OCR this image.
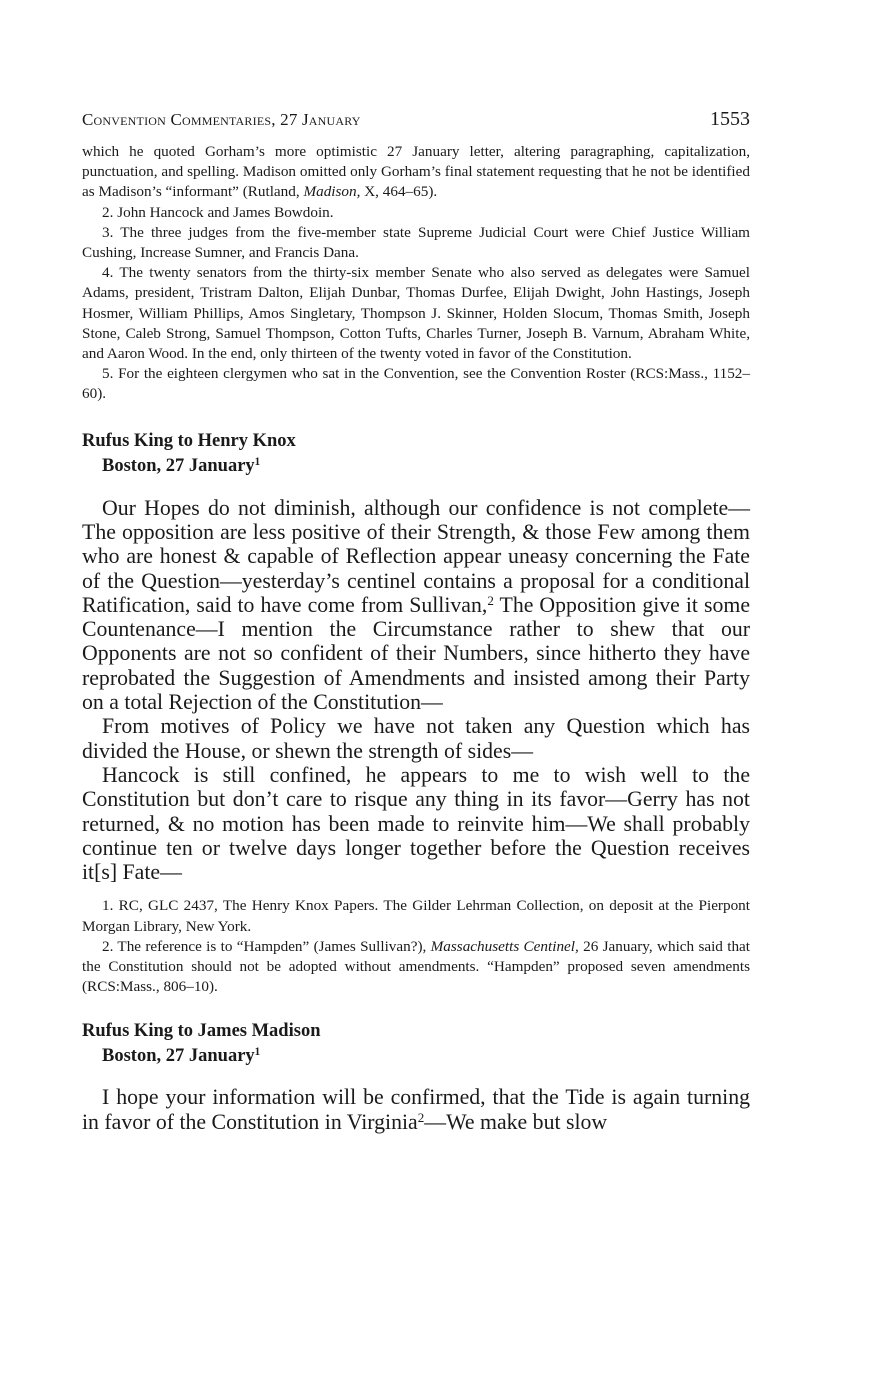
Convention Commentaries, 27 January	1553

which he quoted Gorham’s more optimistic 27 January letter, altering paragraphing, capitalization, punctuation, and spelling. Madison omitted only Gorham’s final statement requesting that he not be identified as Madison’s “informant” (Rutland, Madison, X, 464–65).

2. John Hancock and James Bowdoin.

3. The three judges from the five-member state Supreme Judicial Court were Chief Justice William Cushing, Increase Sumner, and Francis Dana.

4. The twenty senators from the thirty-six member Senate who also served as delegates were Samuel Adams, president, Tristram Dalton, Elijah Dunbar, Thomas Durfee, Elijah Dwight, John Hastings, Joseph Hosmer, William Phillips, Amos Singletary, Thompson J. Skinner, Holden Slocum, Thomas Smith, Joseph Stone, Caleb Strong, Samuel Thompson, Cotton Tufts, Charles Turner, Joseph B. Varnum, Abraham White, and Aaron Wood. In the end, only thirteen of the twenty voted in favor of the Constitution.

5. For the eighteen clergymen who sat in the Convention, see the Convention Roster (RCS:Mass., 1152–60).

Rufus King to Henry Knox
Boston, 27 January$^1$

Our Hopes do not diminish, although our confidence is not complete—The opposition are less positive of their Strength, & those Few among them who are honest & capable of Reflection appear uneasy concerning the Fate of the Question—yesterday’s centinel contains a proposal for a conditional Ratification, said to have come from Sullivan,$^2$ The Opposition give it some Countenance—I mention the Circumstance rather to shew that our Opponents are not so confident of their Numbers, since hitherto they have reprobated the Suggestion of Amendments and insisted among their Party on a total Rejection of the Constitution—

From motives of Policy we have not taken any Question which has divided the House, or shewn the strength of sides—

Hancock is still confined, he appears to me to wish well to the Constitution but don’t care to risque any thing in its favor—Gerry has not returned, & no motion has been made to reinvite him—We shall probably continue ten or twelve days longer together before the Question receives it[s] Fate—

1. RC, GLC 2437, The Henry Knox Papers. The Gilder Lehrman Collection, on deposit at the Pierpont Morgan Library, New York.

2. The reference is to “Hampden” (James Sullivan?), Massachusetts Centinel, 26 January, which said that the Constitution should not be adopted without amendments. “Hampden” proposed seven amendments (RCS:Mass., 806–10).

Rufus King to James Madison
Boston, 27 January$^1$

I hope your information will be confirmed, that the Tide is again turning in favor of the Constitution in Virginia$^2$—We make but slow
